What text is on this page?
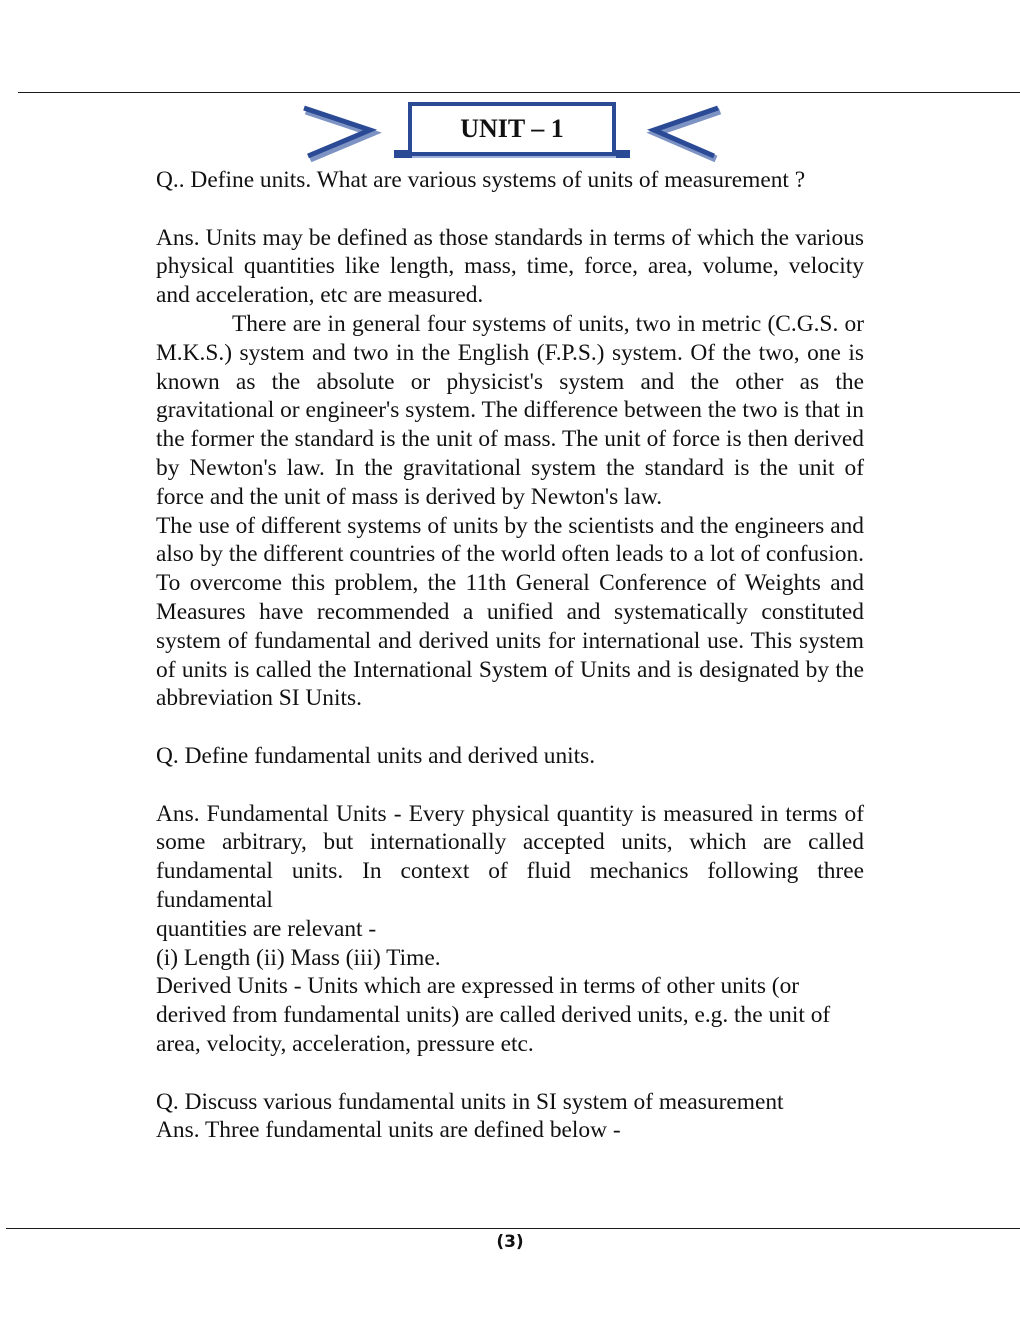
UNIT – 1

Q.. Define units. What are various systems of units of measurement ?

Ans. Units may be defined as those standards in terms of which the various physical quantities like length, mass, time, force, area, volume, velocity and acceleration, etc are measured.

There are in general four systems of units, two in metric (C.G.S. or M.K.S.) system and two in the English (F.P.S.) system. Of the two, one is known as the absolute or physicist's system and the other as the gravitational or engineer's system. The difference between the two is that in the former the standard is the unit of mass. The unit of force is then derived by Newton's law. In the gravitational system the standard is the unit of force and the unit of mass is derived by Newton's law.

The use of different systems of units by the scientists and the engineers and also by the different countries of the world often leads to a lot of confusion. To overcome this problem, the 11th General Conference of Weights and Measures have recommended a unified and systematically constituted system of fundamental and derived units for international use. This system of units is called the International System of Units and is designated by the abbreviation SI Units.

Q. Define fundamental units and derived units.

Ans. Fundamental Units - Every physical quantity is measured in terms of some arbitrary, but internationally accepted units, which are called fundamental units. In context of fluid mechanics following three fundamental

quantities are relevant -

(i) Length (ii) Mass (iii) Time.

Derived Units - Units which are expressed in terms of other units (or derived from fundamental units) are called derived units, e.g. the unit of area, velocity, acceleration, pressure etc.

Q. Discuss various fundamental units in SI system of measurement

Ans. Three fundamental units are defined below -

(3)
